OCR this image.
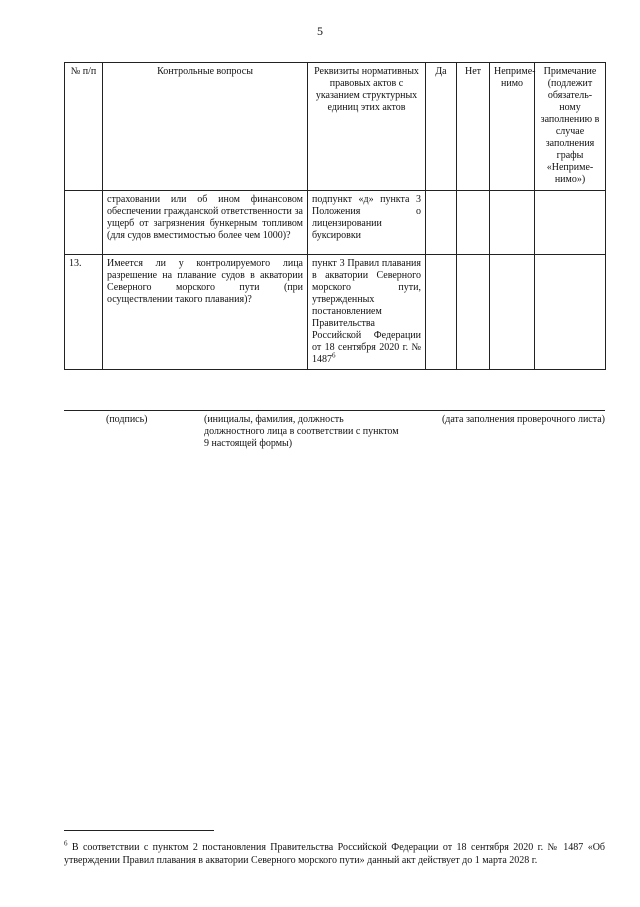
5
№ п/п	Контрольные вопросы	Реквизиты нормативных правовых актов с указанием структурных единиц этих актов	Да	Нет	Неприме-нимо	Примечание (подлежит обязатель-ному заполнению в случае заполнения графы «Неприме-нимо»)
	страховании или об ином финансовом обеспечении гражданской ответственности за ущерб от загрязнения бункерным топливом (для судов вместимостью более чем 1000)?	подпункт «д» пункта 3 Положения о лицензировании буксировки				
13.	Имеется ли у контролируемого лица разрешение на плавание судов в акватории Северного морского пути (при осуществлении такого плавания)?	пункт 3 Правил плавания в акватории Северного морского пути, утвержденных постановлением Правительства Российской Федерации от 18 сентября 2020 г. № 1487$^6$				
(подпись)	(инициалы, фамилия, должность должностного лица в соответствии с пунктом 9 настоящей формы)
(дата заполнения проверочного листа)
$^6$ В соответствии с пунктом 2 постановления Правительства Российской Федерации от 18 сентября 2020 г. № 1487 «Об утверждении Правил плавания в акватории Северного морского пути» данный акт действует до 1 марта 2028 г.
